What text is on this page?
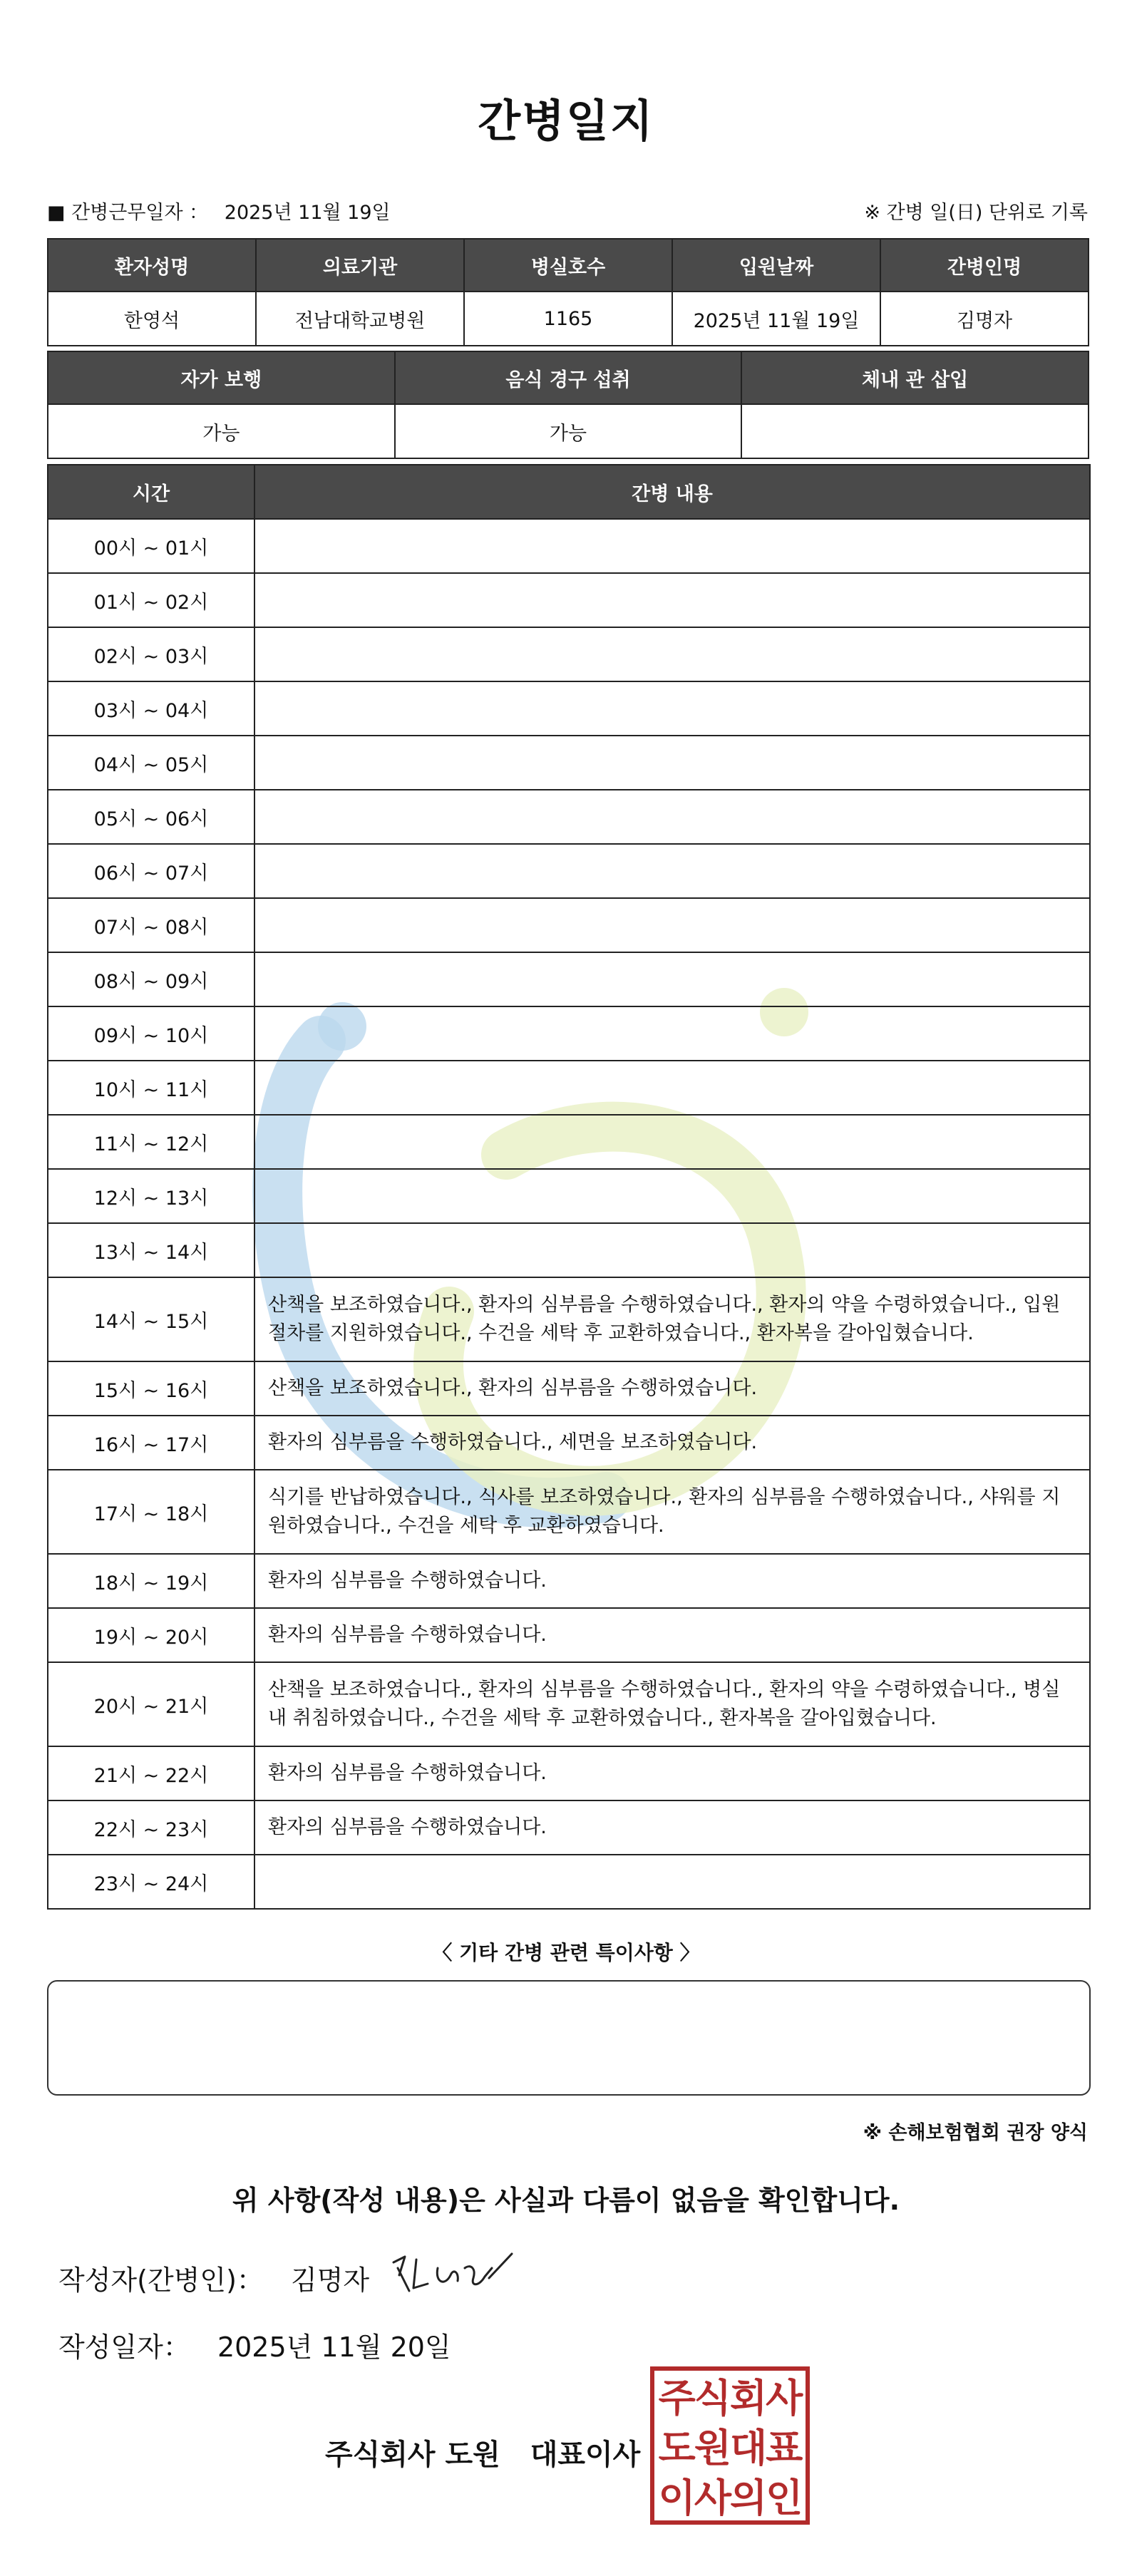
간병일지
■ 간병근무일자 ： 2025년 11월 19일	※ 간병 일(日) 단위로 기록
환자성명	의료기관	병실호수	입원날짜	간병인명
한영석	전남대학교병원	1165	2025년 11월 19일	김명자
자가 보행	음식 경구 섭취	체내 관 삽입
가능	가능	
시간	간병 내용
00시 ~ 01시	
01시 ~ 02시	
02시 ~ 03시	
03시 ~ 04시	
04시 ~ 05시	
05시 ~ 06시	
06시 ~ 07시	
07시 ~ 08시	
08시 ~ 09시	
09시 ~ 10시	
10시 ~ 11시	
11시 ~ 12시	
12시 ~ 13시	
13시 ~ 14시	
14시 ~ 15시	산책을 보조하였습니다., 환자의 심부름을 수행하였습니다., 환자의 약을 수령하였습니다., 입원 절차를 지원하였습니다., 수건을 세탁 후 교환하였습니다., 환자복을 갈아입혔습니다.
15시 ~ 16시	산책을 보조하였습니다., 환자의 심부름을 수행하였습니다.
16시 ~ 17시	환자의 심부름을 수행하였습니다., 세면을 보조하였습니다.
17시 ~ 18시	식기를 반납하였습니다., 식사를 보조하였습니다., 환자의 심부름을 수행하였습니다., 샤워를 지원하였습니다., 수건을 세탁 후 교환하였습니다.
18시 ~ 19시	환자의 심부름을 수행하였습니다.
19시 ~ 20시	환자의 심부름을 수행하였습니다.
20시 ~ 21시	산책을 보조하였습니다., 환자의 심부름을 수행하였습니다., 환자의 약을 수령하였습니다., 병실 내 취침하였습니다., 수건을 세탁 후 교환하였습니다., 환자복을 갈아입혔습니다.
21시 ~ 22시	환자의 심부름을 수행하였습니다.
22시 ~ 23시	환자의 심부름을 수행하였습니다.
23시 ~ 24시	
〈 기타 간병 관련 특이사항 〉
※ 손해보험협회 권장 양식
위 사항(작성 내용)은 사실과 다름이 없음을 확인합니다.
작성자(간병인)： 김명자
작성일자： 2025년 11월 20일
주식회사 도원 대표이사
주식회사
도원대표
이사의인
